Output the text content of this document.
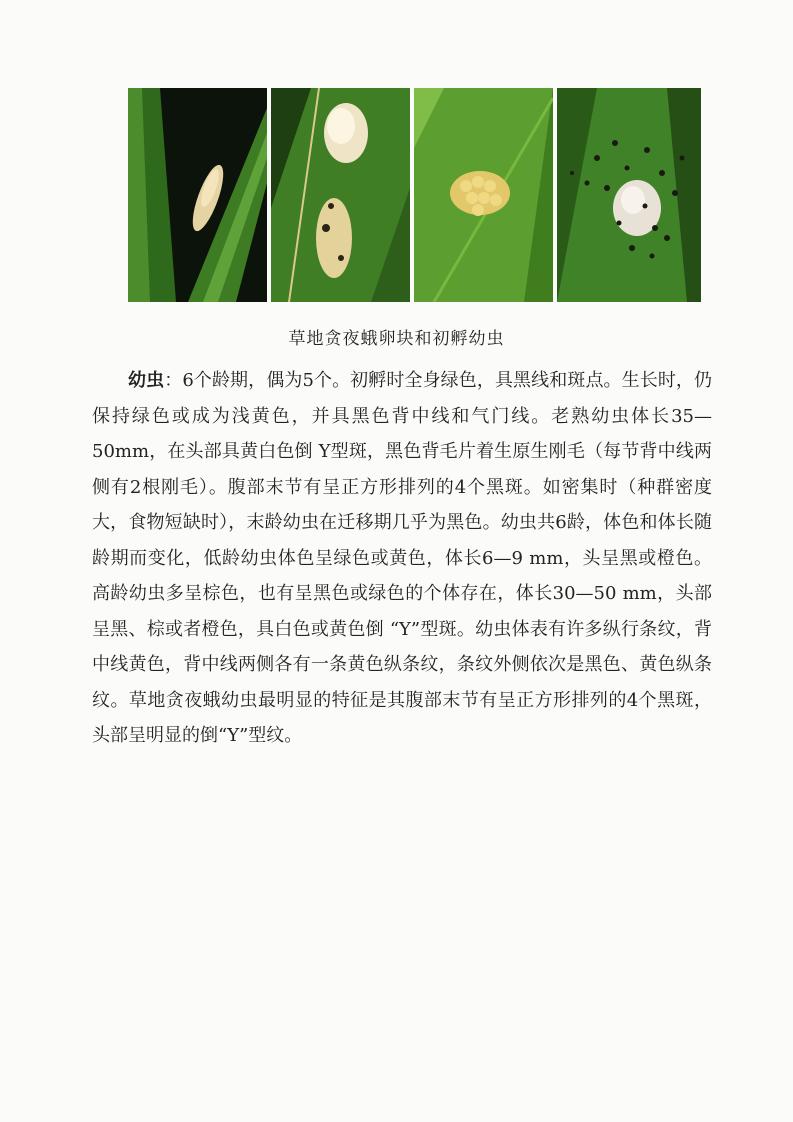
草地贪夜蛾卵块和初孵幼虫
幼虫：6个龄期，偶为5个。初孵时全身绿色，具黑线和斑点。生长时，仍保持绿色或成为浅黄色，并具黑色背中线和气门线。老熟幼虫体长35—50mm，在头部具黄白色倒 Y型斑，黑色背毛片着生原生刚毛（每节背中线两侧有2根刚毛）。腹部末节有呈正方形排列的4个黑斑。如密集时（种群密度大，食物短缺时），末龄幼虫在迁移期几乎为黑色。幼虫共6龄，体色和体长随龄期而变化，低龄幼虫体色呈绿色或黄色，体长6—9 mm，头呈黑或橙色。高龄幼虫多呈棕色，也有呈黑色或绿色的个体存在，体长30—50 mm，头部呈黑、棕或者橙色，具白色或黄色倒 “Y”型斑。幼虫体表有许多纵行条纹，背中线黄色，背中线两侧各有一条黄色纵条纹，条纹外侧依次是黑色、黄色纵条纹。草地贪夜蛾幼虫最明显的特征是其腹部末节有呈正方形排列的4个黑斑，头部呈明显的倒“Y”型纹。
